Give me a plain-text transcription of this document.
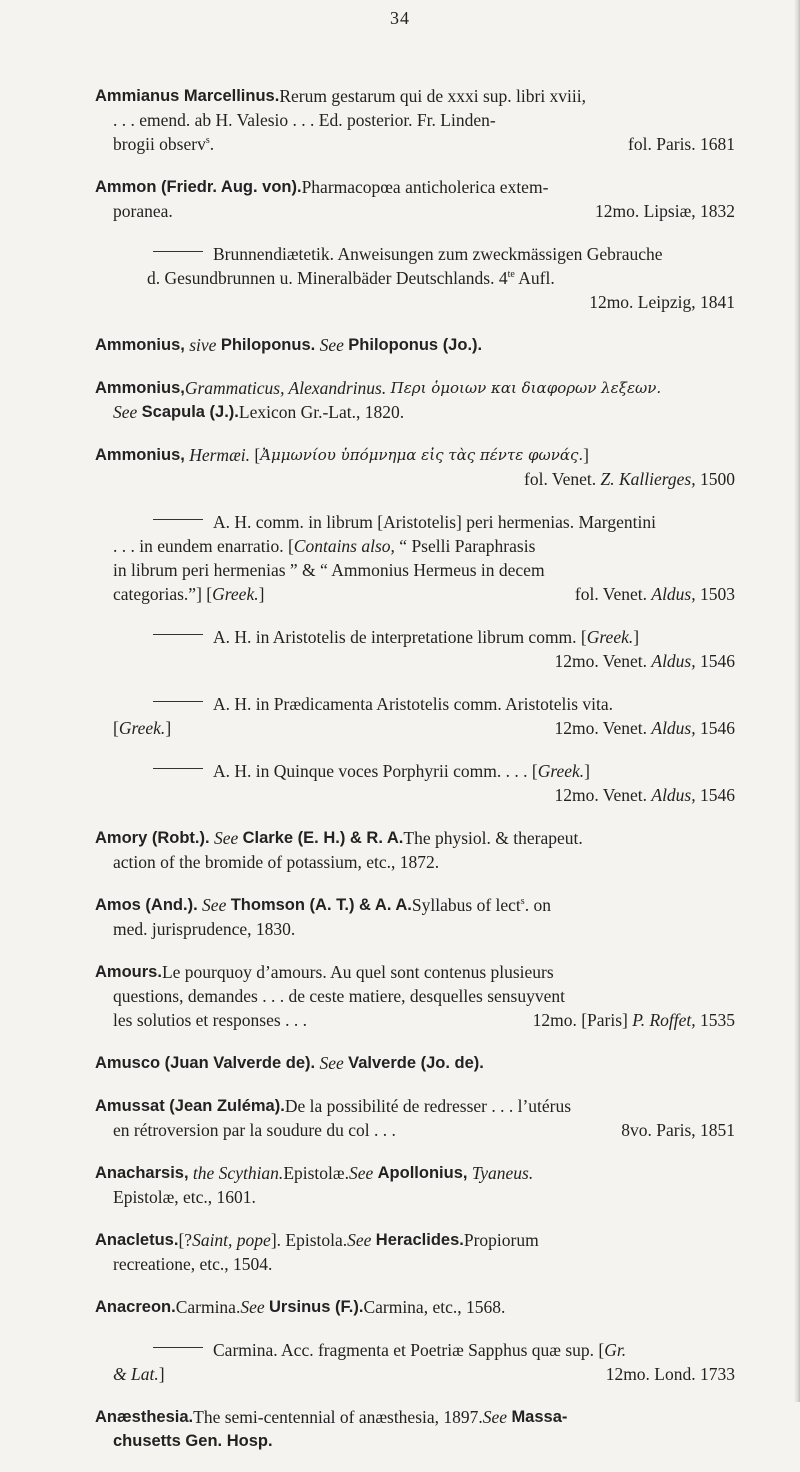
34
Ammianus Marcellinus. Rerum gestarum qui de xxxi sup. libri xviii,
. . . emend. ab H. Valesio . . . Ed. posterior. Fr. Linden-
brogii observ$^s$.	fol. Paris. 1681
Ammon (Friedr. Aug. von). Pharmacopœa anticholerica extem-
poranea.	12mo. Lipsiæ, 1832
Brunnendiætetik. Anweisungen zum zweckmässigen Gebrauche
d. Gesundbrunnen u. Mineralbäder Deutschlands. $4^{te}$ Aufl.
12mo. Leipzig, 1841
Ammonius,
sive
Philoponus.
See
Philoponus (Jo.).
Ammonius, Grammaticus, Alexandrinus.
Περι ὁμοιων και διαφορων λεξεων.
See
Scapula (J.). Lexicon Gr.-Lat., 1820.
Ammonius,
Hermæi.
[ Ἀμμωνίου ὑπόμνημα εἰς τὰς πέντε φωνάς. ]
fol. Venet. Z. Kallierges, 1500
A. H. comm. in librum [Aristotelis] peri hermenias. Margentini
. . . in eundem enarratio. [Contains also, “ Pselli Paraphrasis
in librum peri hermenias ” & “ Ammonius Hermeus in decem
categorias.”] [Greek.]	fol. Venet. Aldus, 1503
A. H. in Aristotelis de interpretatione librum comm. [Greek.]
12mo. Venet. Aldus, 1546
A. H. in Prædicamenta Aristotelis comm. Aristotelis vita.
[Greek.]	12mo. Venet. Aldus, 1546
A. H. in Quinque voces Porphyrii comm. . . . [Greek.]
12mo. Venet. Aldus, 1546
Amory (Robt.).
See
Clarke (E. H.) & R. A. The physiol. & therapeut.
action of the bromide of potassium, etc., 1872.
Amos (And.).
See
Thomson (A. T.) & A. A. Syllabus of lect$^s$. on
med. jurisprudence, 1830.
Amours. Le pourquoy d’amours. Au quel sont contenus plusieurs
questions, demandes . . . de ceste matiere, desquelles sensuyvent
les solutios et responses . . .	12mo. [Paris] P. Roffet, 1535
Amusco (Juan Valverde de).
See
Valverde (Jo. de).
Amussat (Jean Zuléma). De la possibilité de redresser . . . l’utérus
en rétroversion par la soudure du col . . .	8vo. Paris, 1851
Anacharsis,
the Scythian. Epistolæ. See
Apollonius,
Tyaneus.
Epistolæ, etc., 1601.
Anacletus. [? Saint, pope ]. Epistola. See
Heraclides. Propiorum
recreatione, etc., 1504.
Anacreon. Carmina. See
Ursinus (F.). Carmina, etc., 1568.
Carmina. Acc. fragmenta et Poetriæ Sapphus quæ sup. [Gr.
& Lat.]	12mo. Lond. 1733
Anæsthesia. The semi-centennial of anæsthesia, 1897. See
Massa-
chusetts Gen. Hosp.
